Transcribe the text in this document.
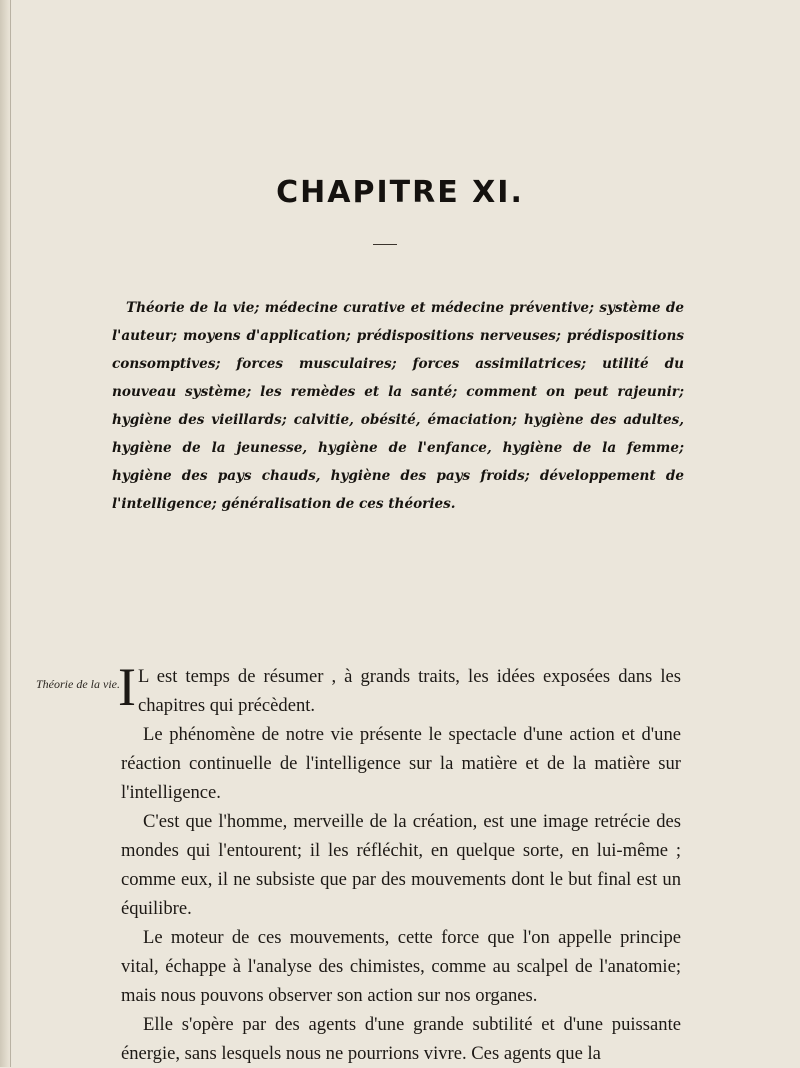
CHAPITRE XI.

Théorie de la vie; médecine curative et médecine préventive; système de l'auteur; moyens d'application; prédispositions nerveuses; prédispositions consomptives; forces musculaires; forces assimilatrices; utilité du nouveau système; les remèdes et la santé; comment on peut rajeunir; hygiène des vieillards; calvitie, obésité, émaciation; hygiène des adultes, hygiène de la jeunesse, hygiène de l'enfance, hygiène de la femme; hygiène des pays chauds, hygiène des pays froids; développement de l'intelligence; généralisation de ces théories.

Théorie de la vie.

I L est temps de résumer , à grands traits, les idées exposées dans les chapitres qui précèdent.

Le phénomène de notre vie présente le spectacle d'une action et d'une réaction continuelle de l'intelligence sur la matière et de la matière sur l'intelligence.

C'est que l'homme, merveille de la création, est une image retrécie des mondes qui l'entourent; il les réfléchit, en quelque sorte, en lui-même ; comme eux, il ne subsiste que par des mouvements dont le but final est un équilibre.

Le moteur de ces mouvements, cette force que l'on appelle principe vital, échappe à l'analyse des chimistes, comme au scalpel de l'anatomie; mais nous pouvons observer son action sur nos organes.

Elle s'opère par des agents d'une grande subtilité et d'une puissante énergie, sans lesquels nous ne pourrions vivre. Ces agents que la
